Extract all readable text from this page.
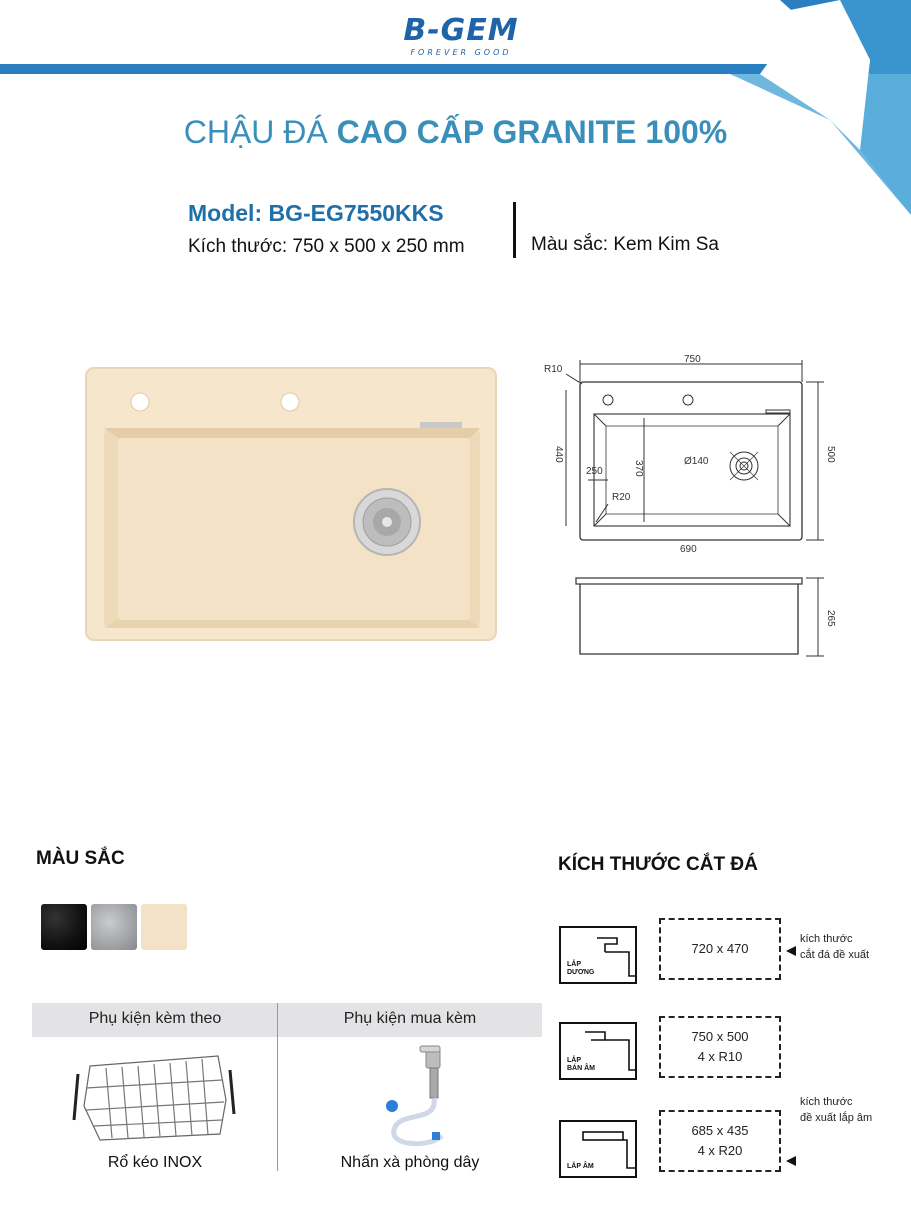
B-GEM
FOREVER GOOD
CHẬU ĐÁ CAO CẤP GRANITE 100%
Model: BG-EG7550KKS
Kích thước: 750 x 500 x 250 mm	Màu sắc: Kem Kim Sa
750
R10
Ø140
440
370
250
R20
500
690
265
MÀU SẮC
Phụ kiện kèm theo	Phụ kiện mua kèm
Rổ kéo INOX	Nhấn xà phòng dây
KÍCH THƯỚC CẮT ĐÁ
LẮP
DƯƠNG
720 x 470
kích thước
cắt đá đề xuất
LẮP
BÁN ÂM
750 x 500
4 x R10
LẮP ÂM
685 x 435
4 x R20
kích thước
đề xuất lắp âm
